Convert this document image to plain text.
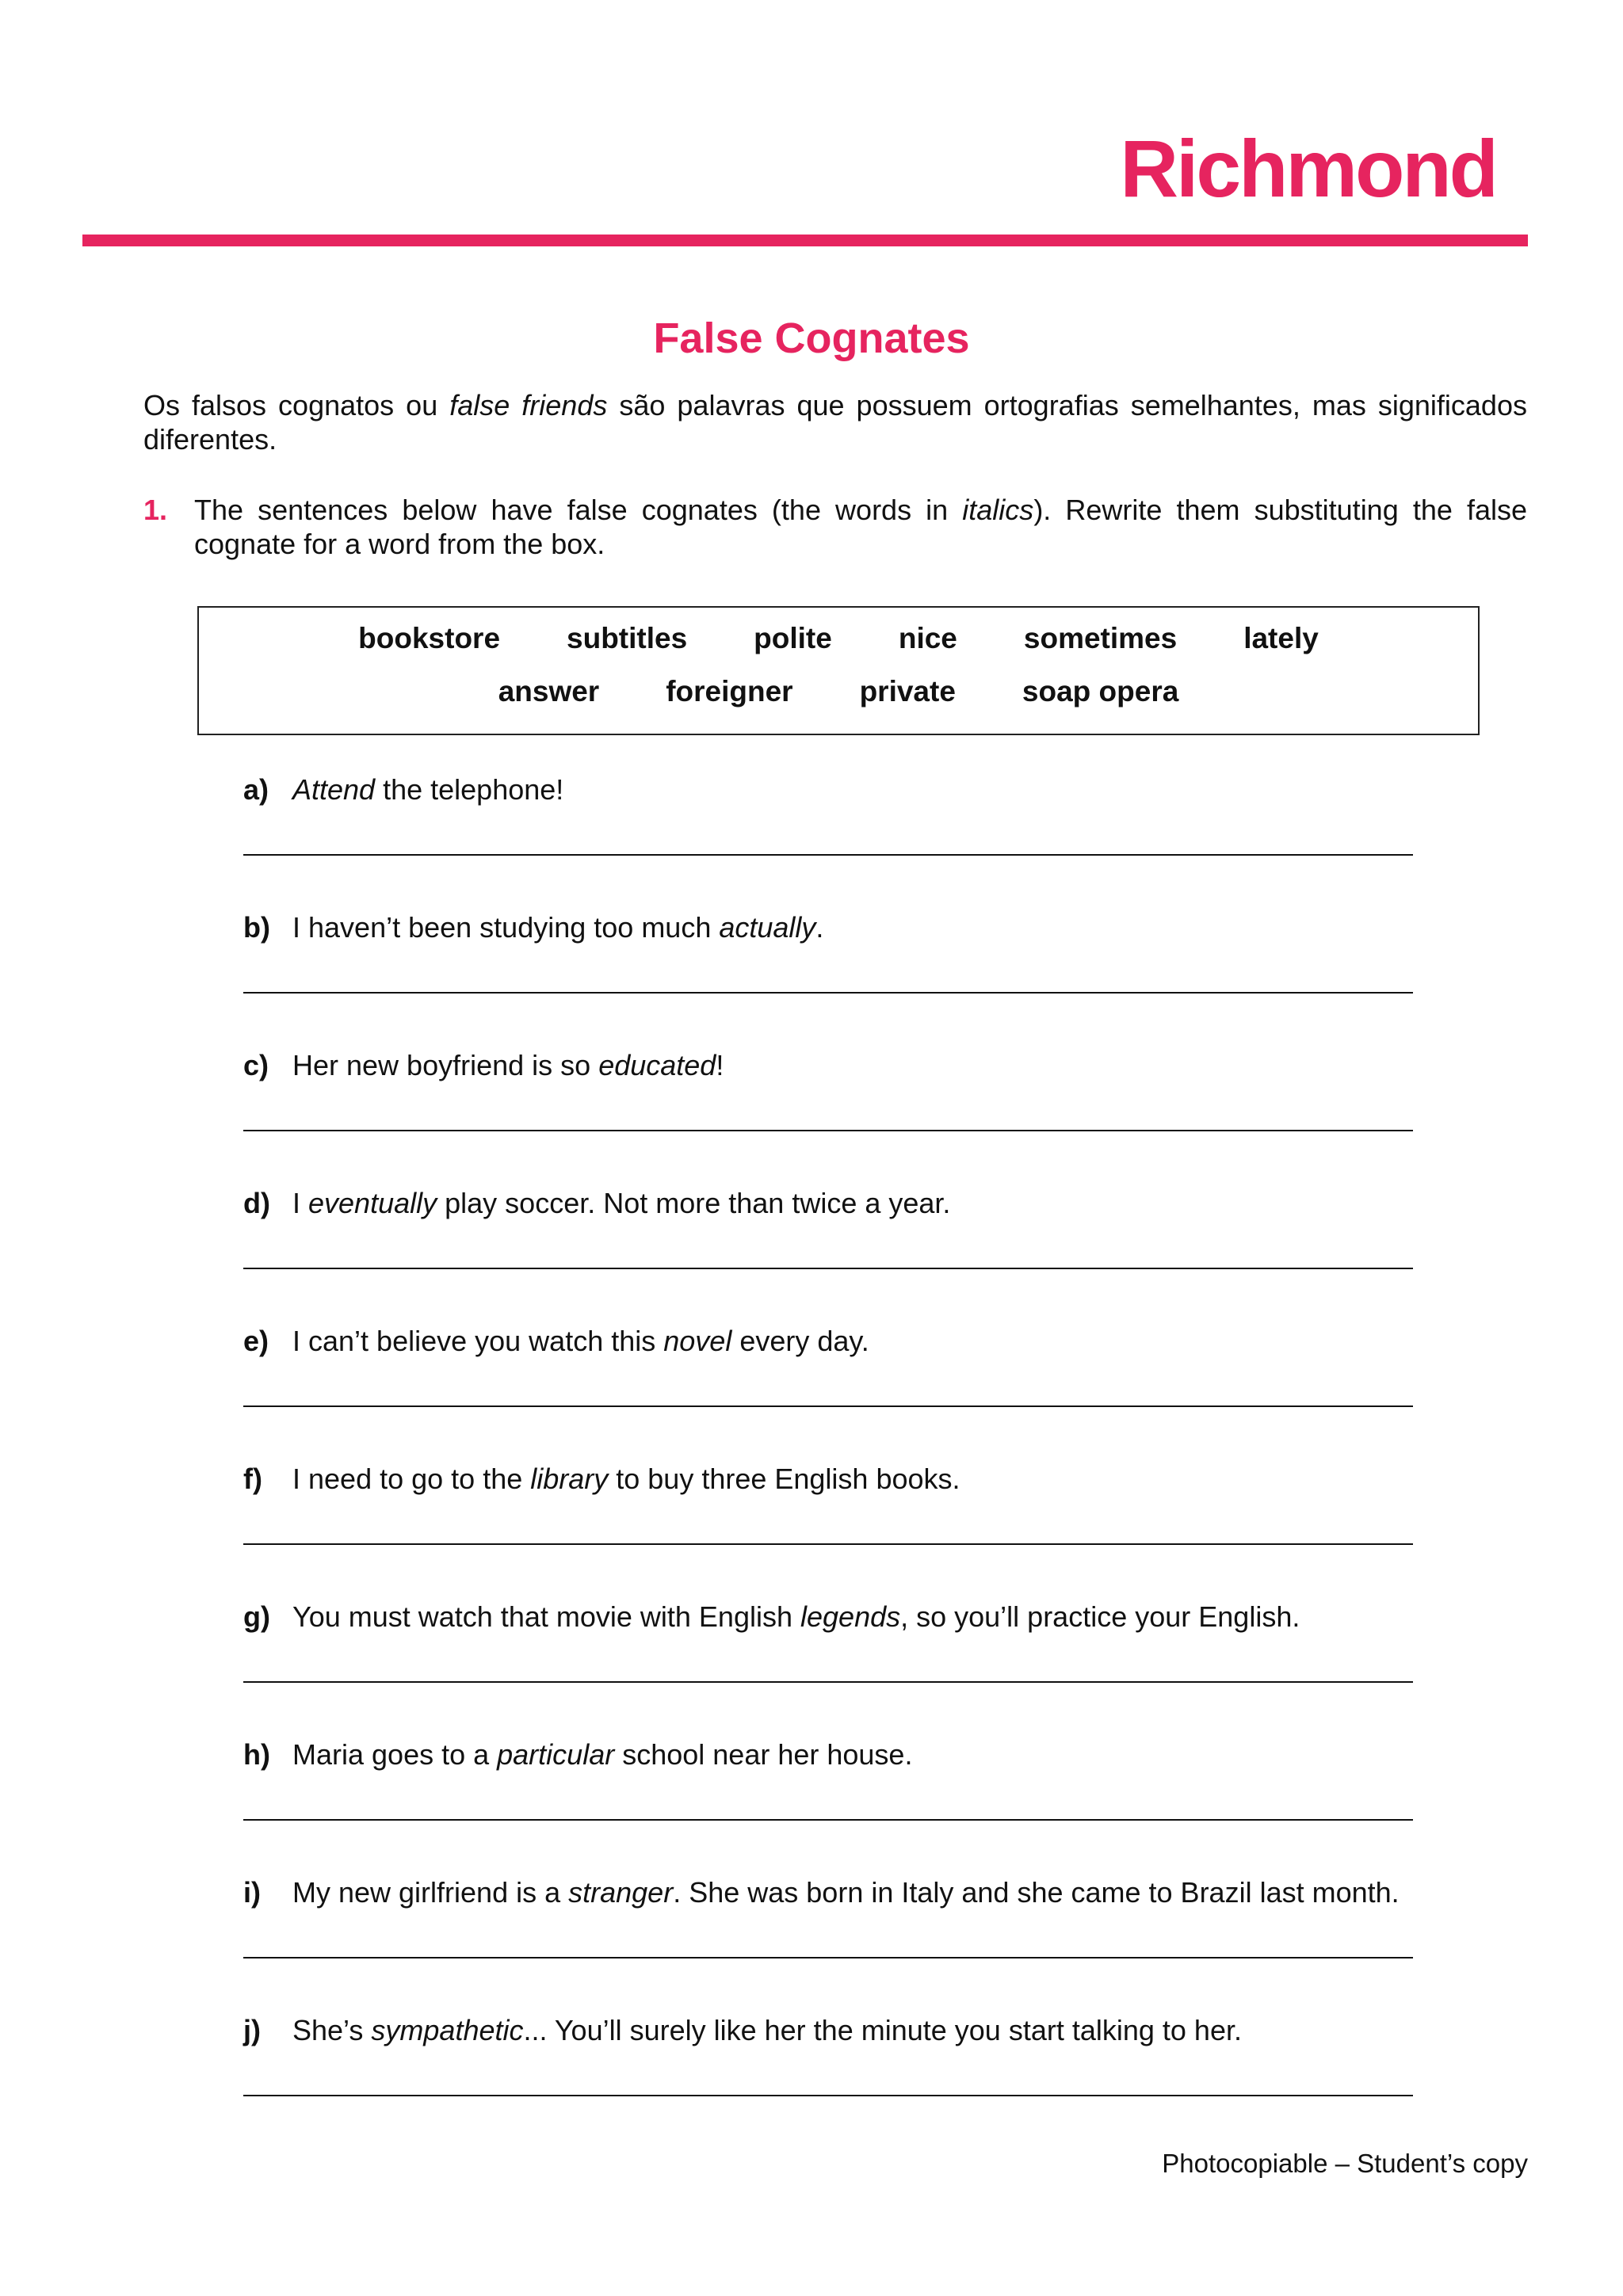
Richmond
False Cognates
Os falsos cognatos ou false friends são palavras que possuem ortografias semelhantes, mas significados diferentes.
1. The sentences below have false cognates (the words in italics). Rewrite them substituting the false cognate for a word from the box.
bookstore subtitles polite nice sometimes lately
answer foreigner private soap opera
a) Attend the telephone!
b) I haven’t been studying too much actually.
c) Her new boyfriend is so educated!
d) I eventually play soccer. Not more than twice a year.
e) I can’t believe you watch this novel every day.
f) I need to go to the library to buy three English books.
g) You must watch that movie with English legends, so you’ll practice your English.
h) Maria goes to a particular school near her house.
i) My new girlfriend is a stranger. She was born in Italy and she came to Brazil last month.
j) She’s sympathetic... You’ll surely like her the minute you start talking to her.
Photocopiable – Student’s copy
